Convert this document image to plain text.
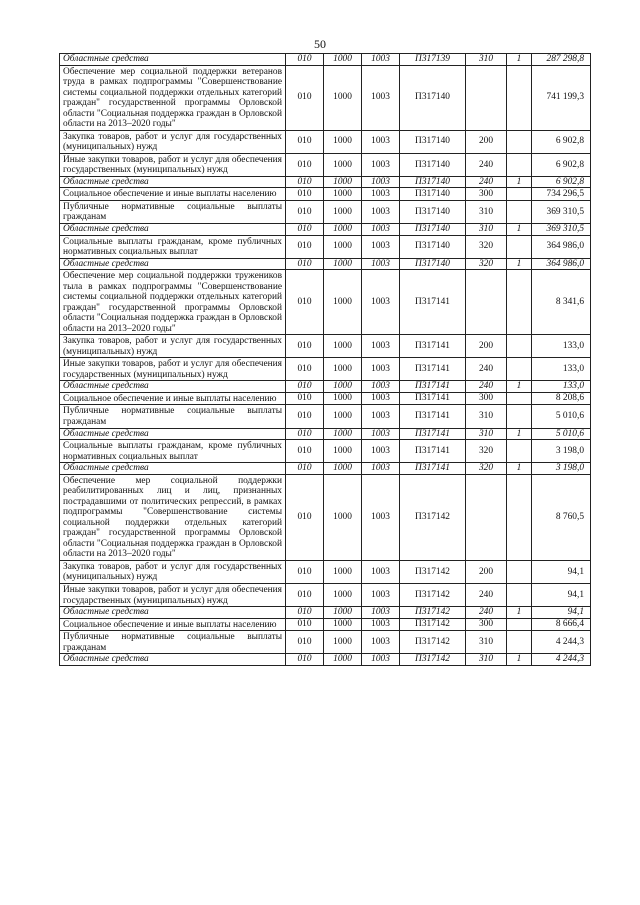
50
Областные средства	010	1000	1003	П317139	310	1	287 298,8
Обеспечение мер социальной поддержки ветеранов труда в рамках подпрограммы "Совершенствование системы социальной поддержки отдельных категорий граждан" государственной программы Орловской области "Социальная поддержка граждан в Орловской области на 2013–2020 годы"	010	1000	1003	П317140			741 199,3
Закупка товаров, работ и услуг для государственных (муниципальных) нужд	010	1000	1003	П317140	200		6 902,8
Иные закупки товаров, работ и услуг для обеспечения государственных (муниципальных) нужд	010	1000	1003	П317140	240		6 902,8
Областные средства	010	1000	1003	П317140	240	1	6 902,8
Социальное обеспечение и иные выплаты населению	010	1000	1003	П317140	300		734 296,5
Публичные нормативные социальные выплаты гражданам	010	1000	1003	П317140	310		369 310,5
Областные средства	010	1000	1003	П317140	310	1	369 310,5
Социальные выплаты гражданам, кроме публичных нормативных социальных выплат	010	1000	1003	П317140	320		364 986,0
Областные средства	010	1000	1003	П317140	320	1	364 986,0
Обеспечение мер социальной поддержки тружеников тыла в рамках подпрограммы "Совершенствование системы социальной поддержки отдельных категорий граждан" государственной программы Орловской области "Социальная поддержка граждан в Орловской области на 2013–2020 годы"	010	1000	1003	П317141			8 341,6
Закупка товаров, работ и услуг для государственных (муниципальных) нужд	010	1000	1003	П317141	200		133,0
Иные закупки товаров, работ и услуг для обеспечения государственных (муниципальных) нужд	010	1000	1003	П317141	240		133,0
Областные средства	010	1000	1003	П317141	240	1	133,0
Социальное обеспечение и иные выплаты населению	010	1000	1003	П317141	300		8 208,6
Публичные нормативные социальные выплаты гражданам	010	1000	1003	П317141	310		5 010,6
Областные средства	010	1000	1003	П317141	310	1	5 010,6
Социальные выплаты гражданам, кроме публичных нормативных социальных выплат	010	1000	1003	П317141	320		3 198,0
Областные средства	010	1000	1003	П317141	320	1	3 198,0
Обеспечение мер социальной поддержки реабилитированных лиц и лиц, признанных пострадавшими от политических репрессий, в рамках подпрограммы "Совершенствование системы социальной поддержки отдельных категорий граждан" государственной программы Орловской области "Социальная поддержка граждан в Орловской области на 2013–2020 годы"	010	1000	1003	П317142			8 760,5
Закупка товаров, работ и услуг для государственных (муниципальных) нужд	010	1000	1003	П317142	200		94,1
Иные закупки товаров, работ и услуг для обеспечения государственных (муниципальных) нужд	010	1000	1003	П317142	240		94,1
Областные средства	010	1000	1003	П317142	240	1	94,1
Социальное обеспечение и иные выплаты населению	010	1000	1003	П317142	300		8 666,4
Публичные нормативные социальные выплаты гражданам	010	1000	1003	П317142	310		4 244,3
Областные средства	010	1000	1003	П317142	310	1	4 244,3
